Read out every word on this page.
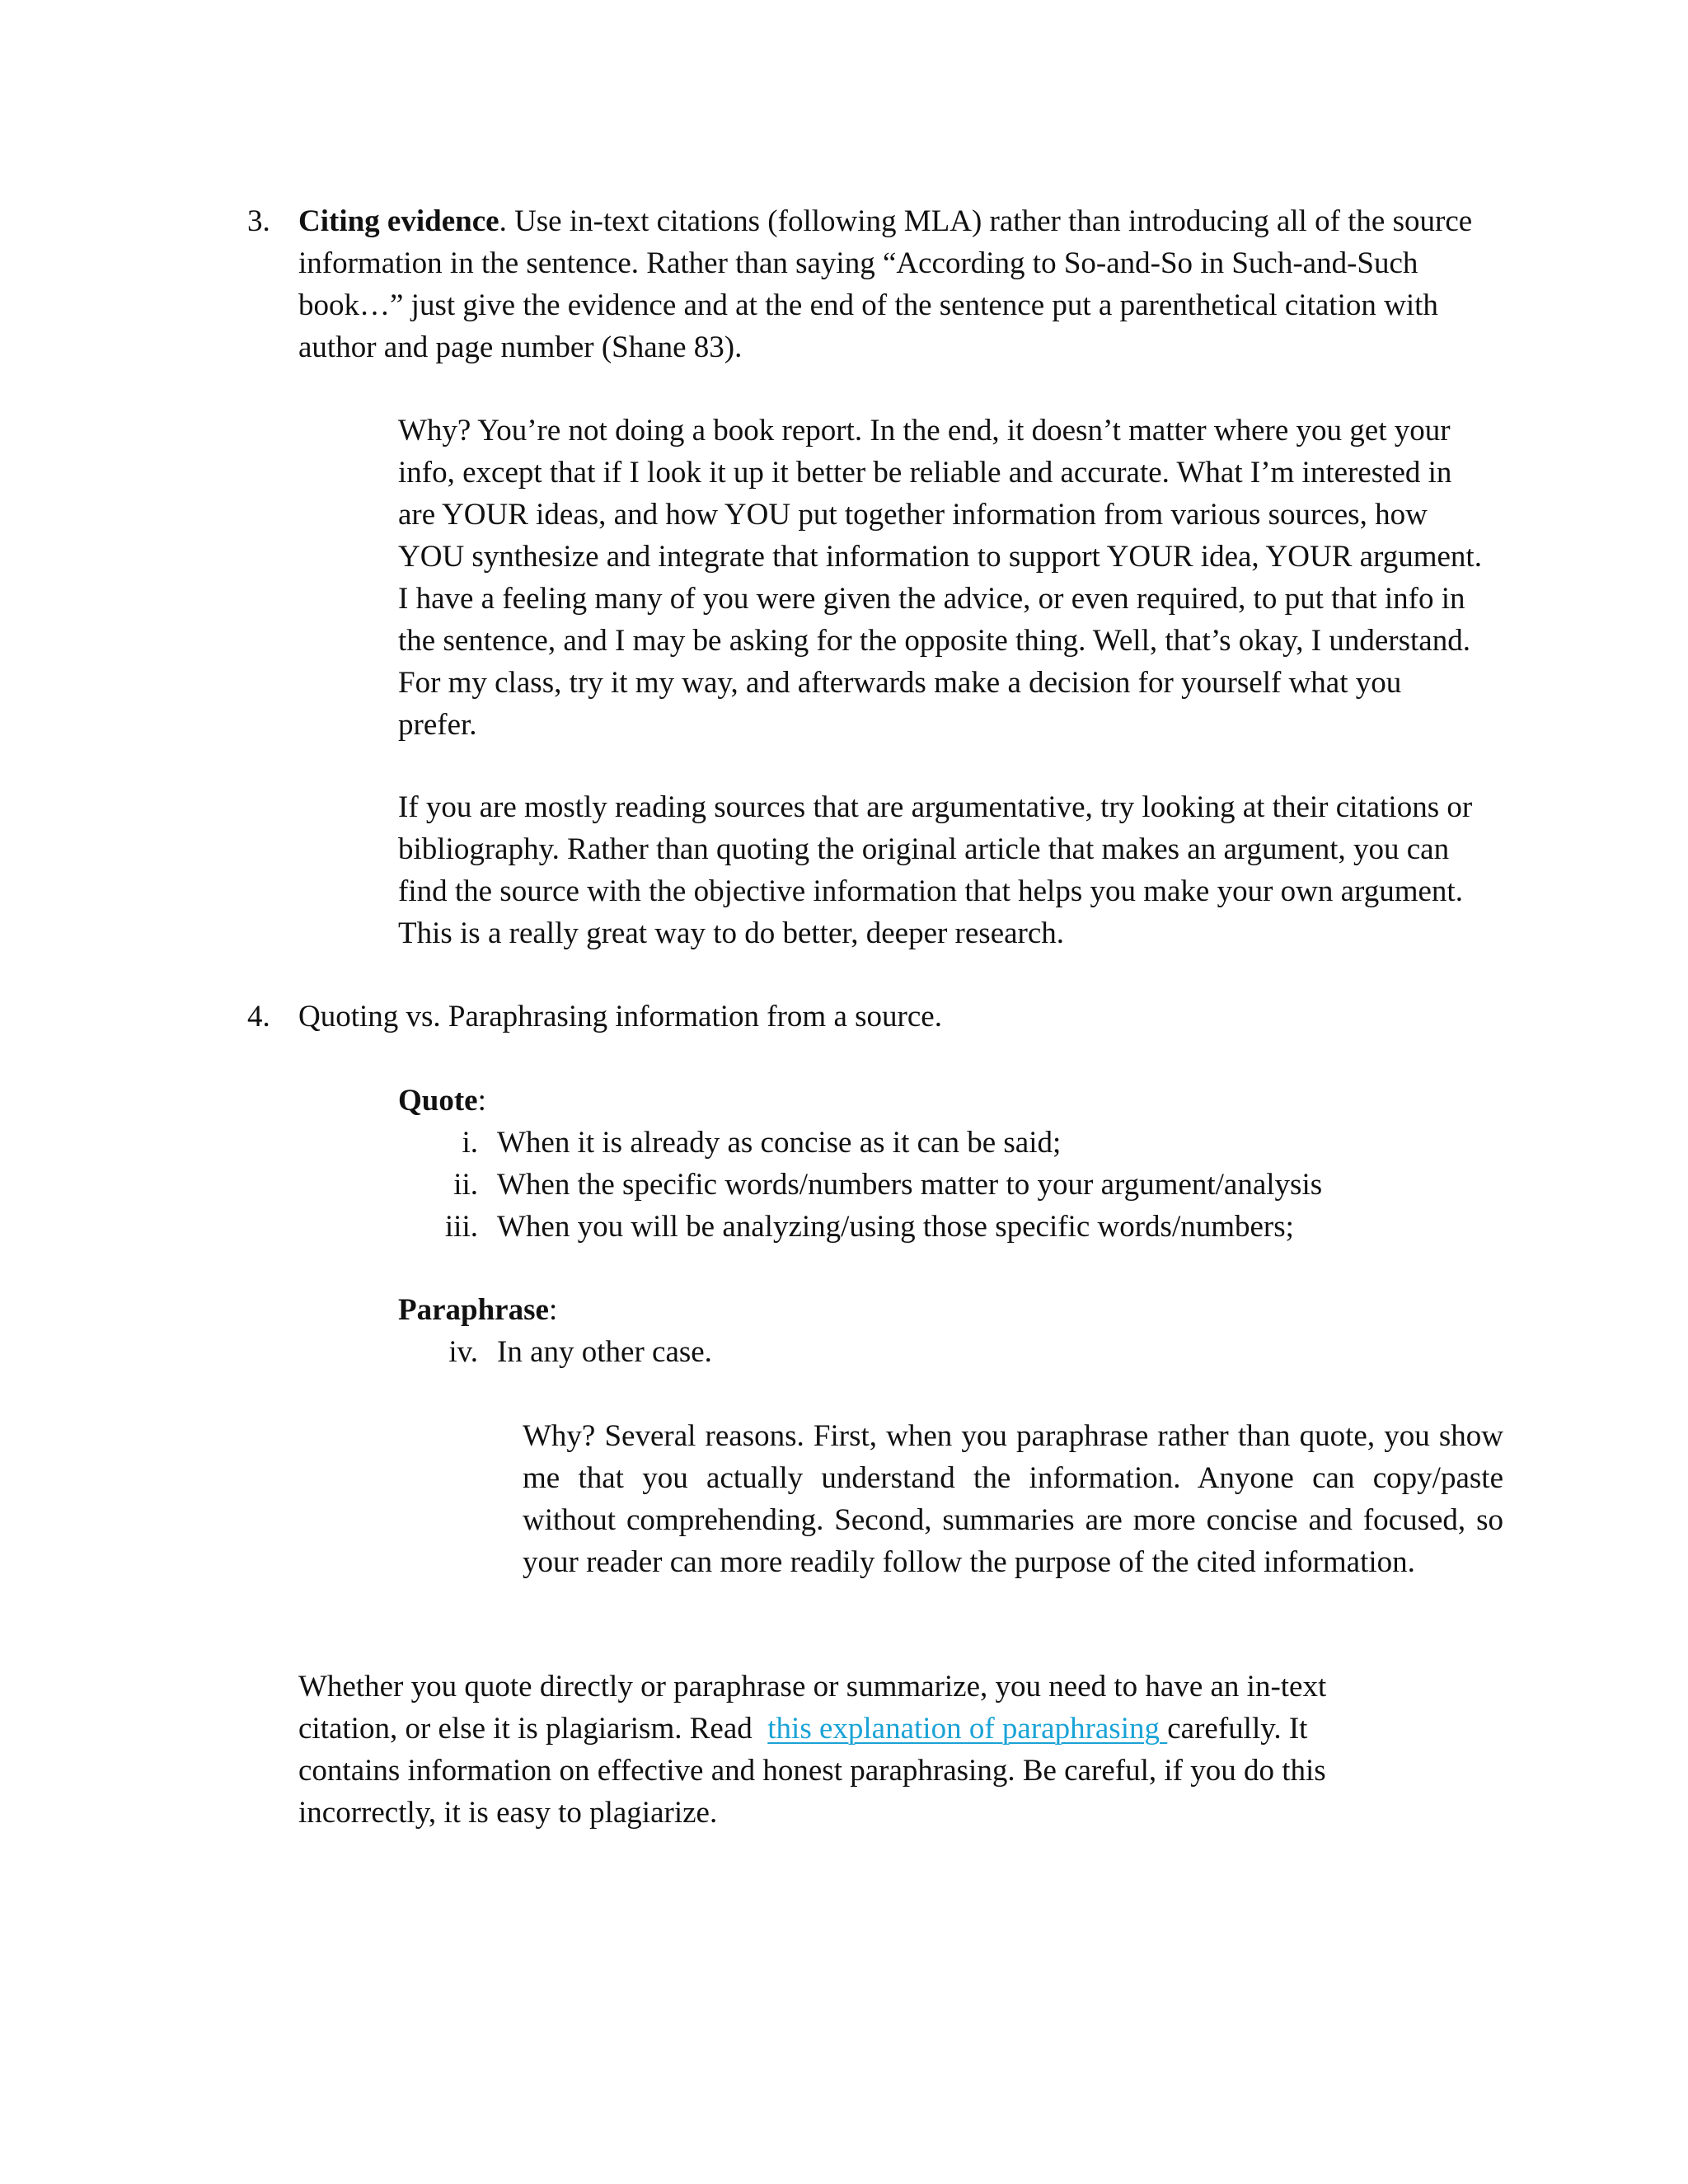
3. Citing evidence. Use in-text citations (following MLA) rather than introducing all of the source information in the sentence. Rather than saying “According to So-and-So in Such-and-Such book…” just give the evidence and at the end of the sentence put a parenthetical citation with author and page number (Shane 83).

Why? You’re not doing a book report. In the end, it doesn’t matter where you get your info, except that if I look it up it better be reliable and accurate. What I’m interested in are YOUR ideas, and how YOU put together information from various sources, how YOU synthesize and integrate that information to support YOUR idea, YOUR argument. I have a feeling many of you were given the advice, or even required, to put that info in the sentence, and I may be asking for the opposite thing. Well, that’s okay, I understand. For my class, try it my way, and afterwards make a decision for yourself what you prefer.

If you are mostly reading sources that are argumentative, try looking at their citations or bibliography. Rather than quoting the original article that makes an argument, you can find the source with the objective information that helps you make your own argument. This is a really great way to do better, deeper research.

4. Quoting vs. Paraphrasing information from a source.

Quote:

i. When it is already as concise as it can be said;

ii. When the specific words/numbers matter to your argument/analysis

iii. When you will be analyzing/using those specific words/numbers;

Paraphrase:

iv. In any other case.

Why? Several reasons. First, when you paraphrase rather than quote, you show me that you actually understand the information. Anyone can copy/paste without comprehending. Second, summaries are more concise and focused, so your reader can more readily follow the purpose of the cited information.

Whether you quote directly or paraphrase or summarize, you need to have an in-text

citation, or else it is plagiarism. Read  this explanation of paraphrasing carefully. It

contains information on effective and honest paraphrasing. Be careful, if you do this

incorrectly, it is easy to plagiarize.
